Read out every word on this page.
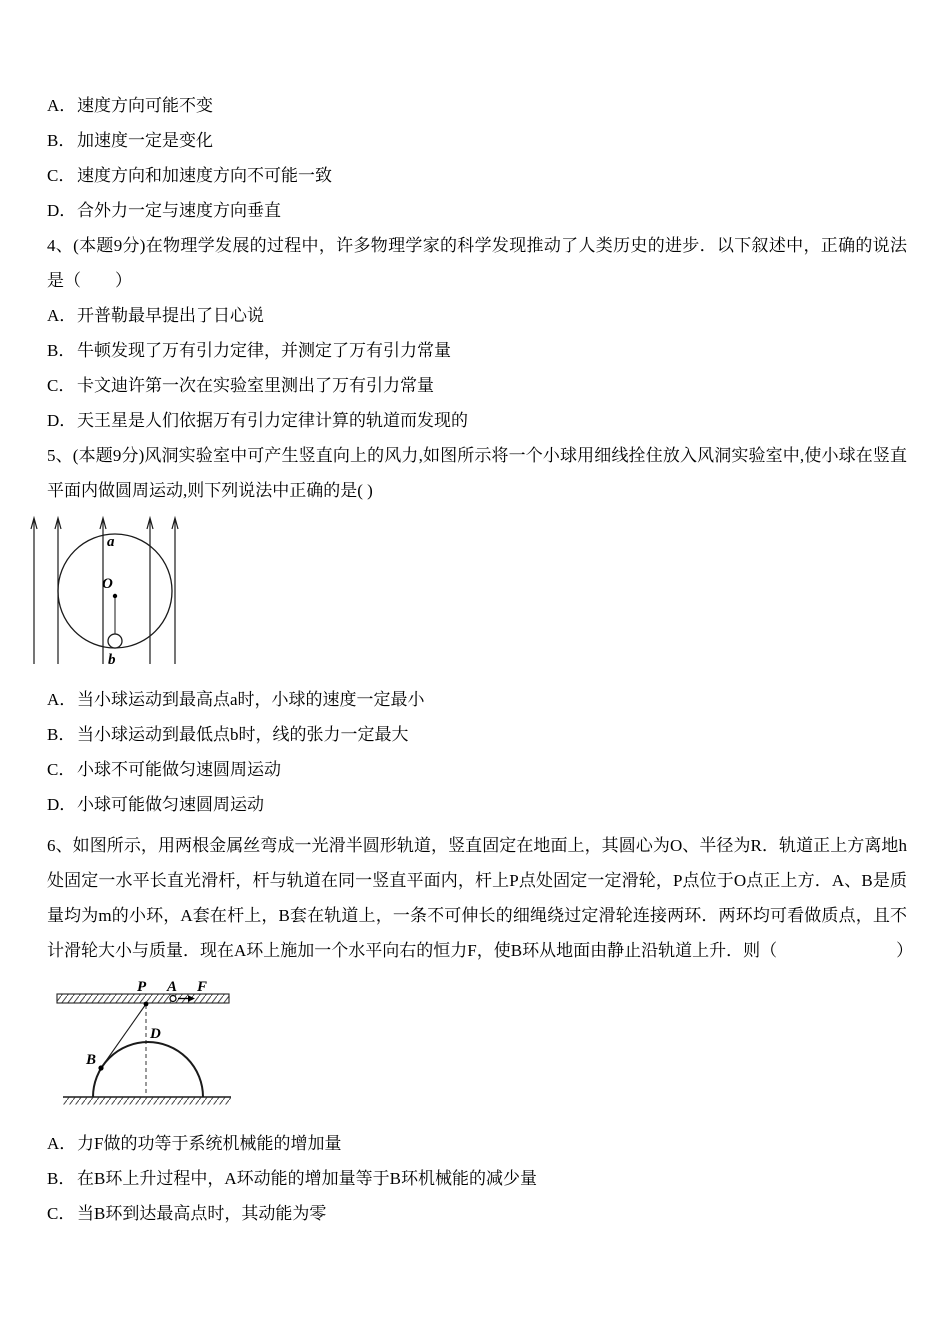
A． 速度方向可能不变
B． 加速度一定是变化
C． 速度方向和加速度方向不可能一致
D． 合外力一定与速度方向垂直

4、(本题9分)在物理学发展的过程中，许多物理学家的科学发现推动了人类历史的进步．以下叙述中，正确的说法是（　　）

A． 开普勒最早提出了日心说
B． 牛顿发现了万有引力定律，并测定了万有引力常量
C． 卡文迪许第一次在实验室里测出了万有引力常量
D． 天王星是人们依据万有引力定律计算的轨道而发现的

5、(本题9分)风洞实验室中可产生竖直向上的风力,如图所示将一个小球用细线拴住放入风洞实验室中,使小球在竖直平面内做圆周运动,则下列说法中正确的是( )

a
O
b
A． 当小球运动到最高点a时，小球的速度一定最小
B． 当小球运动到最低点b时，线的张力一定最大
C． 小球不可能做匀速圆周运动
D． 小球可能做匀速圆周运动

6、如图所示，用两根金属丝弯成一光滑半圆形轨道，竖直固定在地面上，其圆心为O、半径为R．轨道正上方离地h处固定一水平长直光滑杆，杆与轨道在同一竖直平面内，杆上P点处固定一定滑轮，P点位于O点正上方．A、B是质量均为m的小环，A套在杆上，B套在轨道上，一条不可伸长的细绳绕过定滑轮连接两环．两环均可看做质点，且不计滑轮大小与质量．现在A环上施加一个水平向右的恒力F，使B环从地面由静止沿轨道上升．则（　　　　　　　）

P A F
D
B
A． 力F做的功等于系统机械能的增加量
B． 在B环上升过程中，A环动能的增加量等于B环机械能的减少量
C． 当B环到达最高点时，其动能为零
